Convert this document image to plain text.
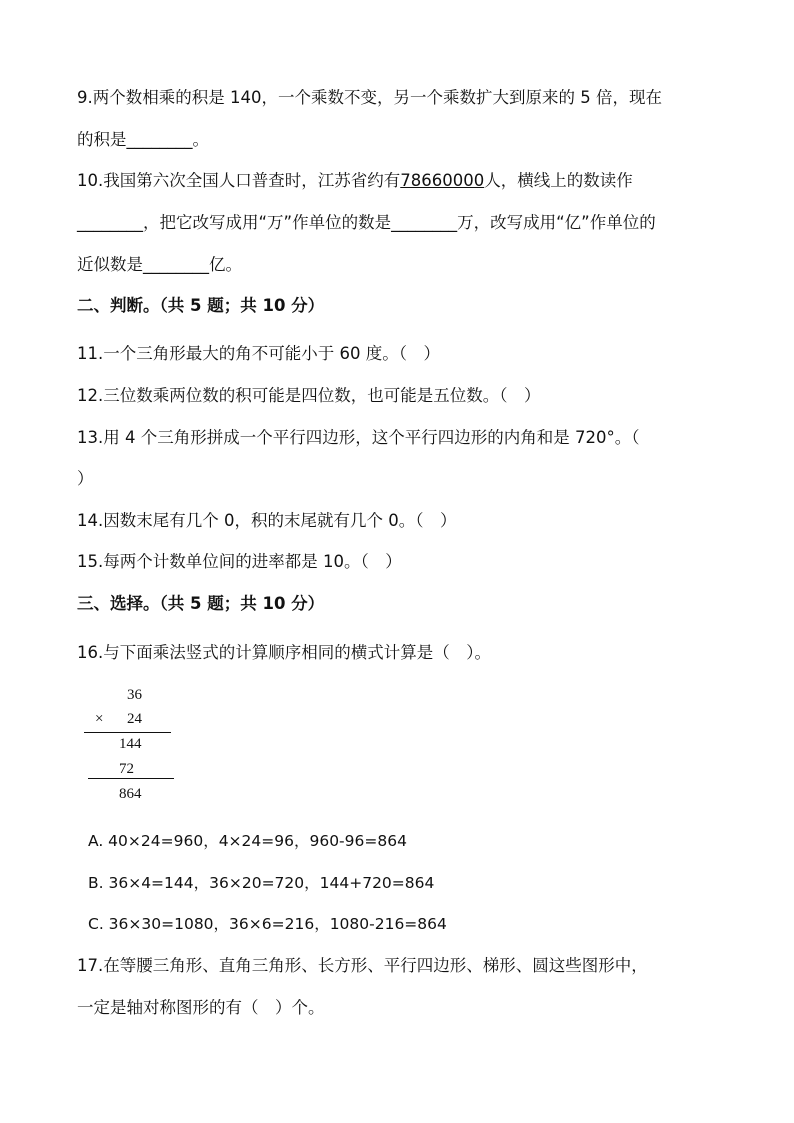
9.两个数相乘的积是 140，一个乘数不变，另一个乘数扩大到原来的 5 倍，现在
的积是________。
10.我国第六次全国人口普查时，江苏省约有78660000人，横线上的数读作
________，把它改写成用“万”作单位的数是________万，改写成用“亿”作单位的
近似数是________亿。
二、判断。（共 5 题；共 10 分）
11.一个三角形最大的角不可能小于 60 度。（　）
12.三位数乘两位数的积可能是四位数，也可能是五位数。（　）
13.用 4 个三角形拼成一个平行四边形，这个平行四边形的内角和是 720°。（
）
14.因数末尾有几个 0，积的末尾就有几个 0。（　）
15.每两个计数单位间的进率都是 10。（　）
三、选择。（共 5 题；共 10 分）
16.与下面乘法竖式的计算顺序相同的横式计算是（　）。
36
× 24
144
72
864
A. 40×24=960，4×24=96，960-96=864
B. 36×4=144，36×20=720，144+720=864
C. 36×30=1080，36×6=216，1080-216=864
17.在等腰三角形、直角三角形、长方形、平行四边形、梯形、圆这些图形中，
一定是轴对称图形的有（　）个。
